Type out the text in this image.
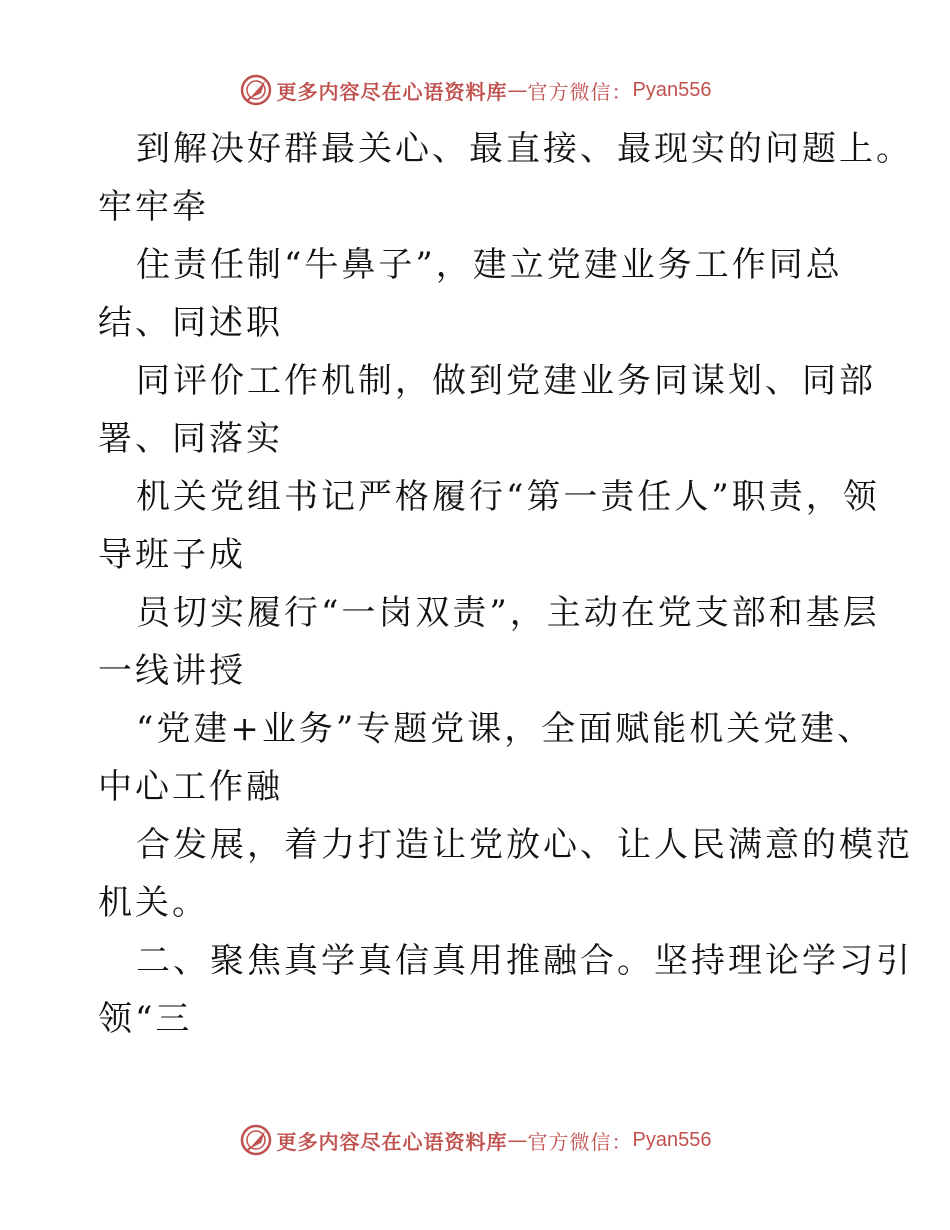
更多内容尽在心语资料库 — 官方微信： Pyan556
到解决好群最关心、最直接、最现实的问题上。
牢牢牵
住责任制“牛鼻子”，建立党建业务工作同总
结、同述职
同评价工作机制，做到党建业务同谋划、同部
署、同落实
机关党组书记严格履行“第一责任人”职责，领
导班子成
员切实履行“一岗双责”，主动在党支部和基层
一线讲授
“党建+业务”专题党课，全面赋能机关党建、
中心工作融
合发展，着力打造让党放心、让人民满意的模范
机关。
二、聚焦真学真信真用推融合。坚持理论学习引
领“三
更多内容尽在心语资料库 — 官方微信： Pyan556
